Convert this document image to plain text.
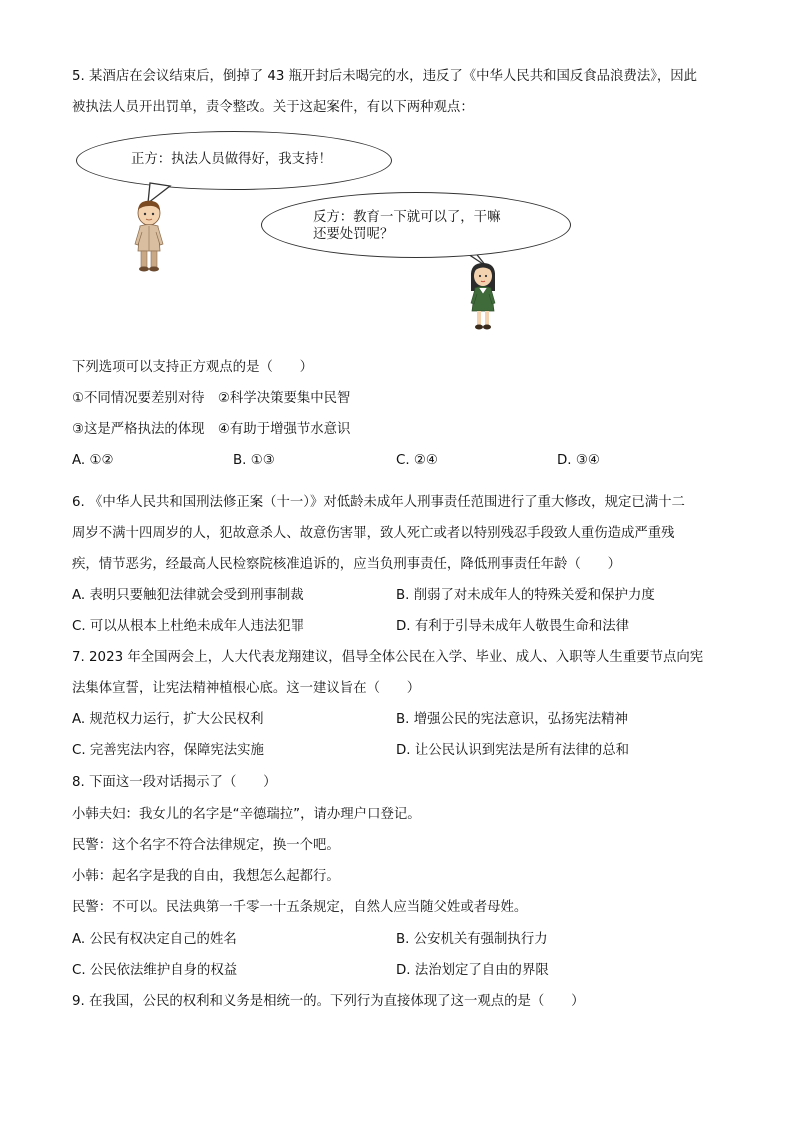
5. 某酒店在会议结束后，倒掉了 43 瓶开封后未喝完的水，违反了《中华人民共和国反食品浪费法》，因此
被执法人员开出罚单，责令整改。关于这起案件，有以下两种观点：
正方：执法人员做得好，我支持！
反方：教育一下就可以了，干嘛
还要处罚呢？
下列选项可以支持正方观点的是（　　）
①不同情况要差别对待　②科学决策要集中民智
③这是严格执法的体现　④有助于增强节水意识
A. ①②	B. ①③	C. ②④	D. ③④
6. 《中华人民共和国刑法修正案（十一）》对低龄未成年人刑事责任范围进行了重大修改，规定已满十二
周岁不满十四周岁的人，犯故意杀人、故意伤害罪，致人死亡或者以特别残忍手段致人重伤造成严重残
疾，情节恶劣，经最高人民检察院核准追诉的，应当负刑事责任，降低刑事责任年龄（　　）
A. 表明只要触犯法律就会受到刑事制裁	B. 削弱了对未成年人的特殊关爱和保护力度
C. 可以从根本上杜绝未成年人违法犯罪	D. 有利于引导未成年人敬畏生命和法律
7. 2023 年全国两会上，人大代表龙翔建议，倡导全体公民在入学、毕业、成人、入职等人生重要节点向宪
法集体宣誓，让宪法精神植根心底。这一建议旨在（　　）
A. 规范权力运行，扩大公民权利	B. 增强公民的宪法意识，弘扬宪法精神
C. 完善宪法内容，保障宪法实施	D. 让公民认识到宪法是所有法律的总和
8. 下面这一段对话揭示了（　　）
小韩夫妇：我女儿的名字是“辛德瑞拉”，请办理户口登记。
民警：这个名字不符合法律规定，换一个吧。
小韩：起名字是我的自由，我想怎么起都行。
民警：不可以。民法典第一千零一十五条规定，自然人应当随父姓或者母姓。
A. 公民有权决定自己的姓名	B. 公安机关有强制执行力
C. 公民依法维护自身的权益	D. 法治划定了自由的界限
9. 在我国，公民的权利和义务是相统一的。下列行为直接体现了这一观点的是（　　）
